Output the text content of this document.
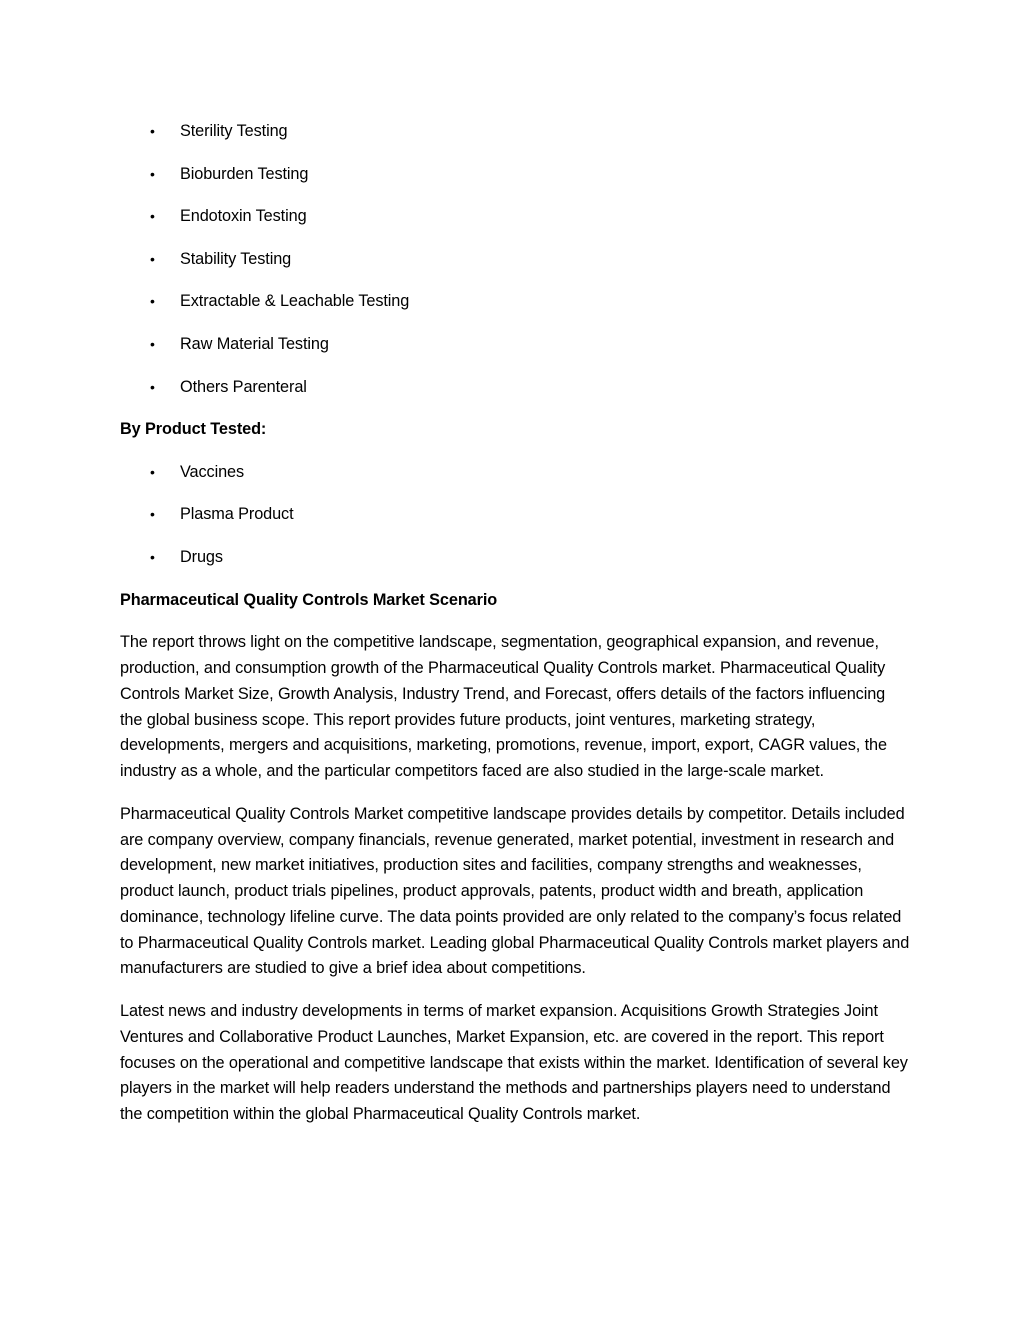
• Sterility Testing
• Bioburden Testing
• Endotoxin Testing
• Stability Testing
• Extractable & Leachable Testing
• Raw Material Testing
• Others Parenteral
By Product Tested:
• Vaccines
• Plasma Product
• Drugs
Pharmaceutical Quality Controls Market Scenario

The report throws light on the competitive landscape, segmentation, geographical expansion, and revenue, production, and consumption growth of the Pharmaceutical Quality Controls market. Pharmaceutical Quality Controls Market Size, Growth Analysis, Industry Trend, and Forecast, offers details of the factors influencing the global business scope. This report provides future products, joint ventures, marketing strategy, developments, mergers and acquisitions, marketing, promotions, revenue, import, export, CAGR values, the industry as a whole, and the particular competitors faced are also studied in the large-scale market.

Pharmaceutical Quality Controls Market competitive landscape provides details by competitor. Details included are company overview, company financials, revenue generated, market potential, investment in research and development, new market initiatives, production sites and facilities, company strengths and weaknesses, product launch, product trials pipelines, product approvals, patents, product width and breath, application dominance, technology lifeline curve. The data points provided are only related to the company’s focus related to Pharmaceutical Quality Controls market. Leading global Pharmaceutical Quality Controls market players and manufacturers are studied to give a brief idea about competitions.

Latest news and industry developments in terms of market expansion. Acquisitions Growth Strategies Joint Ventures and Collaborative Product Launches, Market Expansion, etc. are covered in the report. This report focuses on the operational and competitive landscape that exists within the market. Identification of several key players in the market will help readers understand the methods and partnerships players need to understand the competition within the global Pharmaceutical Quality Controls market.
